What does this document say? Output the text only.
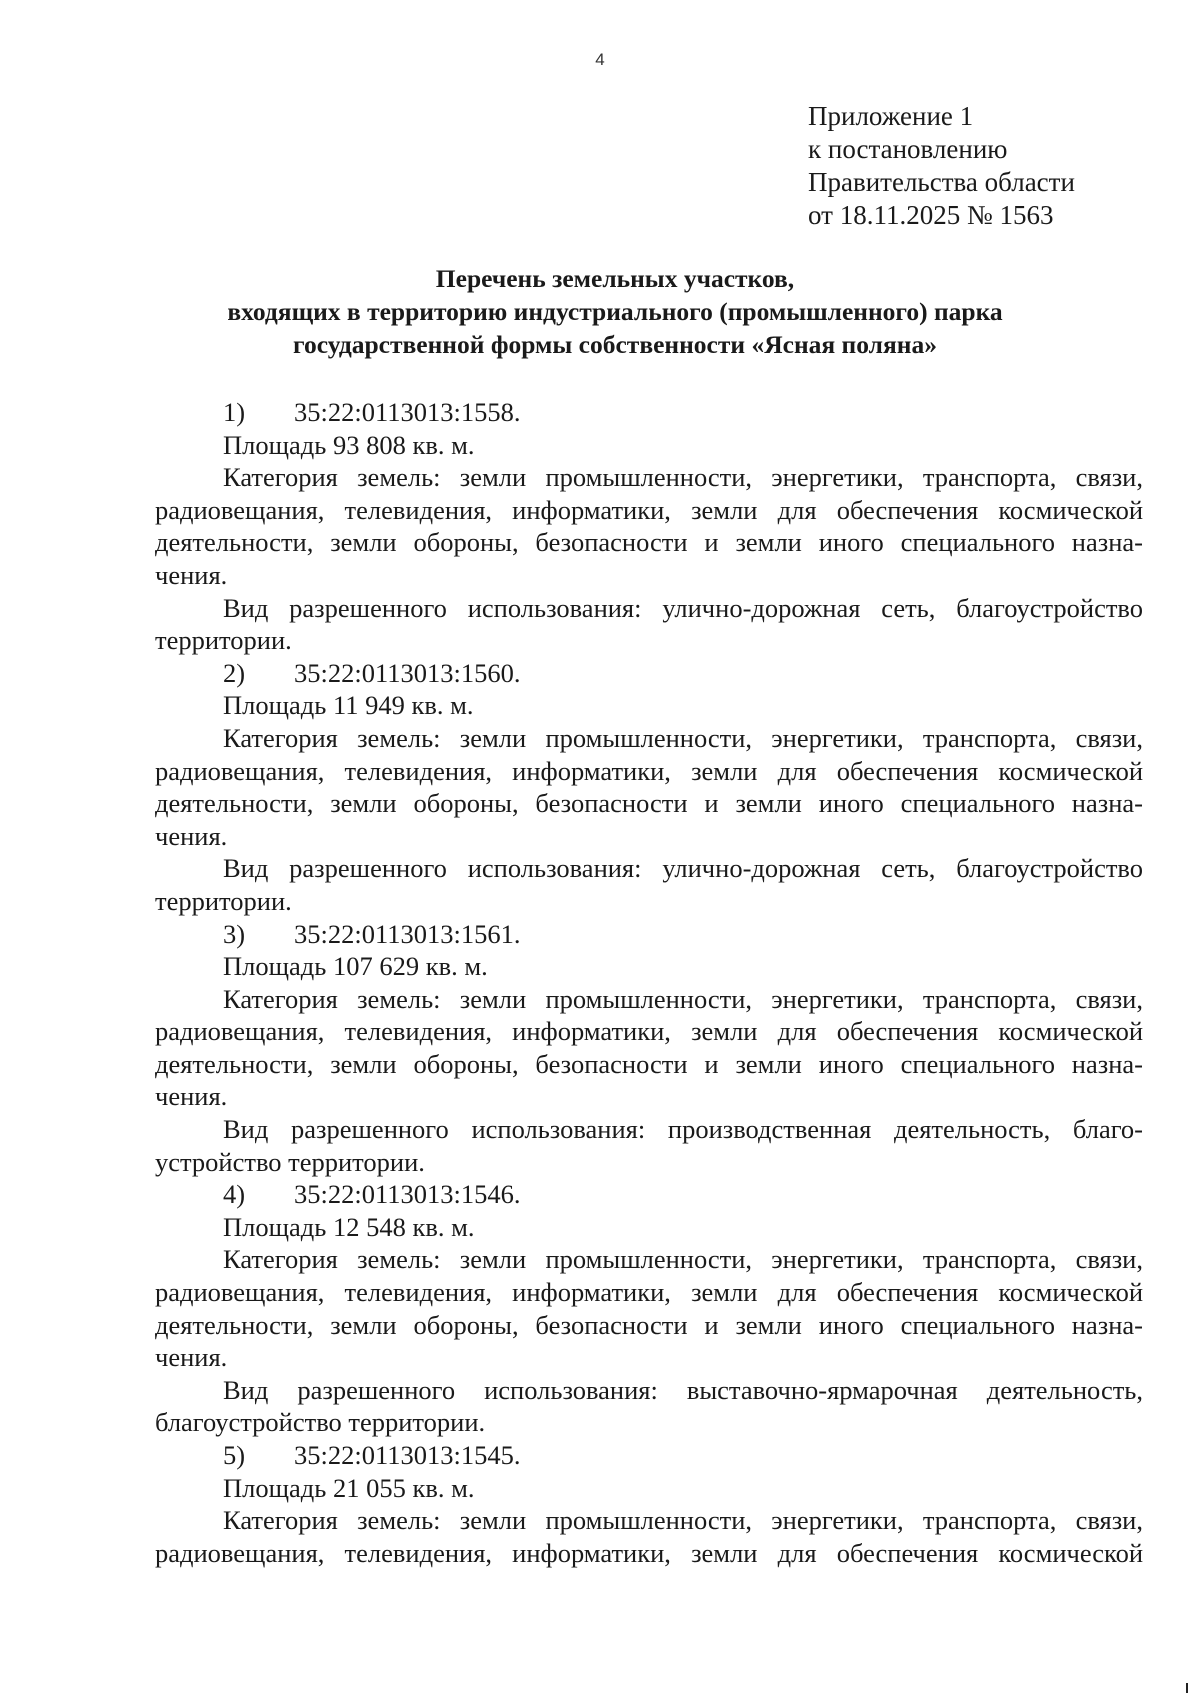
4
Приложение 1
к постановлению
Правительства области
от 18.11.2025 № 1563
Перечень земельных участков,
входящих в территорию индустриального (промышленного) парка
государственной формы собственности «Ясная поляна»
1) 35:22:0113013:1558.
Площадь 93 808 кв. м.
Категория земель: земли промышленности, энергетики, транспорта, связи,
радиовещания, телевидения, информатики, земли для обеспечения космической
деятельности, земли обороны, безопасности и земли иного специального назна-
чения.
Вид разрешенного использования: улично-дорожная сеть, благоустройство
территории.
2) 35:22:0113013:1560.
Площадь 11 949 кв. м.
Категория земель: земли промышленности, энергетики, транспорта, связи,
радиовещания, телевидения, информатики, земли для обеспечения космической
деятельности, земли обороны, безопасности и земли иного специального назна-
чения.
Вид разрешенного использования: улично-дорожная сеть, благоустройство
территории.
3) 35:22:0113013:1561.
Площадь 107 629 кв. м.
Категория земель: земли промышленности, энергетики, транспорта, связи,
радиовещания, телевидения, информатики, земли для обеспечения космической
деятельности, земли обороны, безопасности и земли иного специального назна-
чения.
Вид разрешенного использования: производственная деятельность, благо-
устройство территории.
4) 35:22:0113013:1546.
Площадь 12 548 кв. м.
Категория земель: земли промышленности, энергетики, транспорта, связи,
радиовещания, телевидения, информатики, земли для обеспечения космической
деятельности, земли обороны, безопасности и земли иного специального назна-
чения.
Вид разрешенного использования: выставочно-ярмарочная деятельность,
благоустройство территории.
5) 35:22:0113013:1545.
Площадь 21 055 кв. м.
Категория земель: земли промышленности, энергетики, транспорта, связи,
радиовещания, телевидения, информатики, земли для обеспечения космической
